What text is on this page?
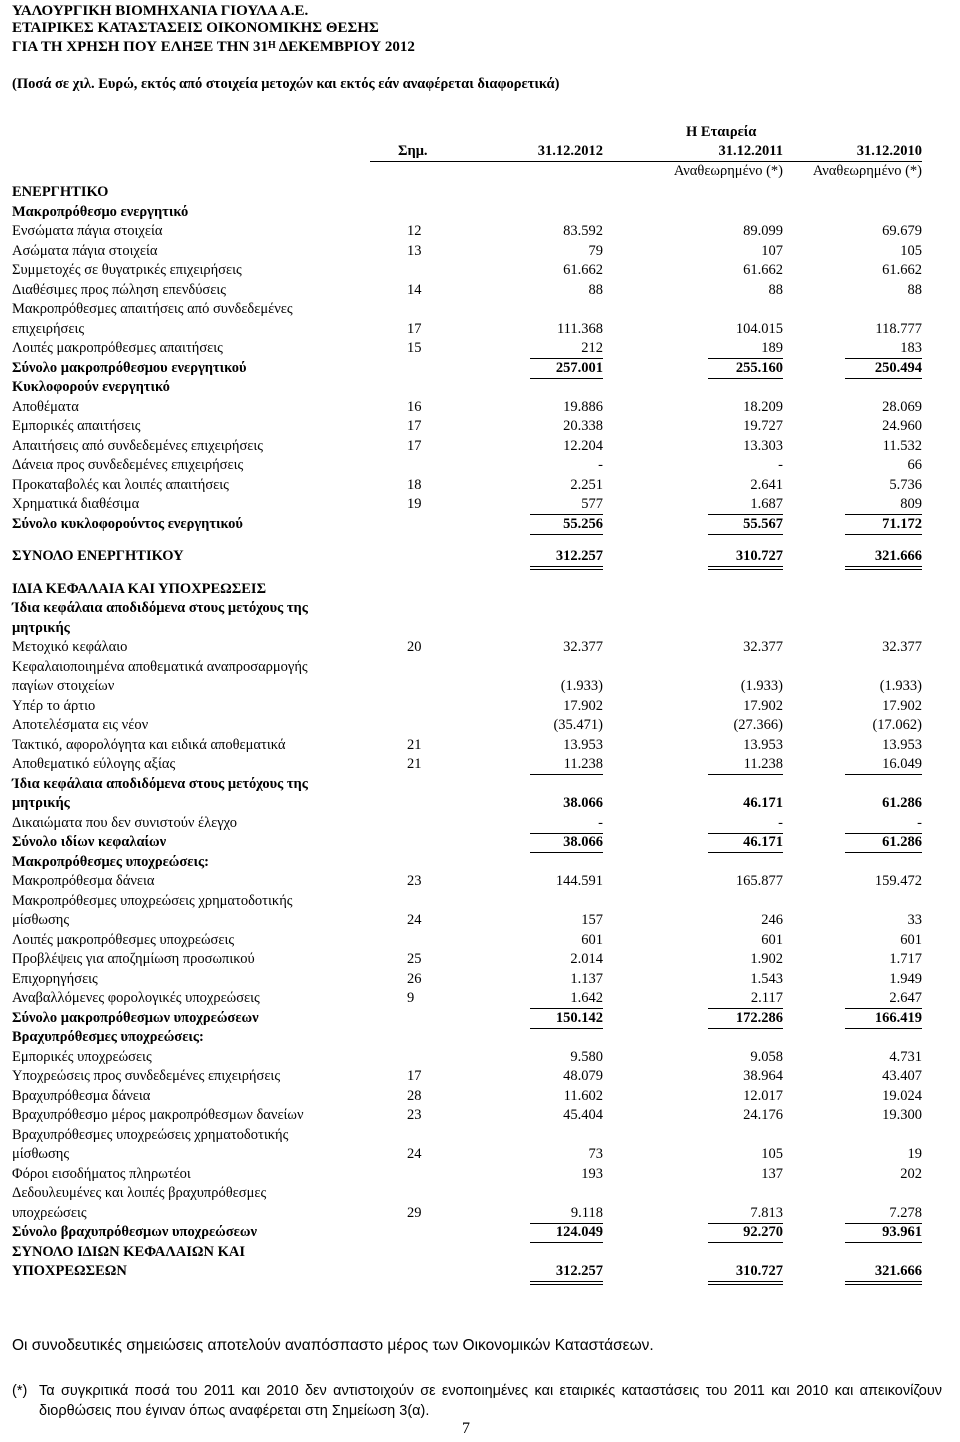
ΥΑΛΟΥΡΓΙΚΗ ΒΙΟΜΗΧΑΝΙΑ ΓΙΟΥΛΑ Α.Ε.
ΕΤΑΙΡΙΚΕΣ ΚΑΤΑΣΤΑΣΕΙΣ ΟΙΚΟΝΟΜΙΚΗΣ ΘΕΣΗΣ
ΓΙΑ ΤΗ ΧΡΗΣΗ ΠΟΥ ΕΛΗΞΕ ΤΗΝ $31^H$ ΔΕΚΕΜΒΡΙΟΥ 2012
(Ποσά σε χιλ. Ευρώ, εκτός από στοιχεία μετοχών και εκτός εάν αναφέρεται διαφορετικά)
Η Εταιρεία
Σημ.	31.12.2012	31.12.2011	31.12.2010
Αναθεωρημένο (*)	Αναθεωρημένο (*)
ΕΝΕΡΓΗΤΙΚΟ
Μακροπρόθεσμο ενεργητικό
Ενσώματα πάγια στοιχεία	12	83.592	89.099	69.679
Ασώματα πάγια στοιχεία	13	79	107	105
Συμμετοχές σε θυγατρικές επιχειρήσεις	61.662	61.662	61.662
Διαθέσιμες προς πώληση επενδύσεις	14	88	88	88
Μακροπρόθεσμες απαιτήσεις από συνδεδεμένες
επιχειρήσεις	17	111.368	104.015	118.777
Λοιπές μακροπρόθεσμες απαιτήσεις	15	212	189	183
Σύνολο μακροπρόθεσμου ενεργητικού	257.001	255.160	250.494
Κυκλοφορούν ενεργητικό
Αποθέματα	16	19.886	18.209	28.069
Εμπορικές απαιτήσεις	17	20.338	19.727	24.960
Απαιτήσεις από συνδεδεμένες επιχειρήσεις	17	12.204	13.303	11.532
Δάνεια προς συνδεδεμένες επιχειρήσεις	-	-	66
Προκαταβολές και λοιπές απαιτήσεις	18	2.251	2.641	5.736
Χρηματικά διαθέσιμα	19	577	1.687	809
Σύνολο κυκλοφορούντος ενεργητικού	55.256	55.567	71.172
ΣΥΝΟΛΟ ΕΝΕΡΓΗΤΙΚΟΥ	312.257	310.727	321.666
ΙΔΙΑ ΚΕΦΑΛΑΙΑ ΚΑΙ ΥΠΟΧΡΕΩΣΕΙΣ
Ίδια κεφάλαια αποδιδόμενα στους μετόχους της
μητρικής
Μετοχικό κεφάλαιο	20	32.377	32.377	32.377
Κεφαλαιοποιημένα αποθεματικά αναπροσαρμογής
παγίων στοιχείων	(1.933)	(1.933)	(1.933)
Υπέρ το άρτιο	17.902	17.902	17.902
Αποτελέσματα εις νέον	(35.471)	(27.366)	(17.062)
Τακτικό, αφορολόγητα και ειδικά αποθεματικά	21	13.953	13.953	13.953
Αποθεματικό εύλογης αξίας	21	11.238	11.238	16.049
Ίδια κεφάλαια αποδιδόμενα στους μετόχους της
μητρικής	38.066	46.171	61.286
Δικαιώματα που δεν συνιστούν έλεγχο	-	-	-
Σύνολο ιδίων κεφαλαίων	38.066	46.171	61.286
Μακροπρόθεσμες υποχρεώσεις:
Μακροπρόθεσμα δάνεια	23	144.591	165.877	159.472
Μακροπρόθεσμες υποχρεώσεις χρηματοδοτικής
μίσθωσης	24	157	246	33
Λοιπές μακροπρόθεσμες υποχρεώσεις	601	601	601
Προβλέψεις για αποζημίωση προσωπικού	25	2.014	1.902	1.717
Επιχορηγήσεις	26	1.137	1.543	1.949
Αναβαλλόμενες φορολογικές υποχρεώσεις	9	1.642	2.117	2.647
Σύνολο μακροπρόθεσμων υποχρεώσεων	150.142	172.286	166.419
Βραχυπρόθεσμες υποχρεώσεις:
Εμπορικές υποχρεώσεις	9.580	9.058	4.731
Υποχρεώσεις προς συνδεδεμένες επιχειρήσεις	17	48.079	38.964	43.407
Βραχυπρόθεσμα δάνεια	28	11.602	12.017	19.024
Βραχυπρόθεσμο μέρος μακροπρόθεσμων δανείων	23	45.404	24.176	19.300
Βραχυπρόθεσμες υποχρεώσεις χρηματοδοτικής
μίσθωσης	24	73	105	19
Φόροι εισοδήματος πληρωτέοι	193	137	202
Δεδουλευμένες και λοιπές βραχυπρόθεσμες
υποχρεώσεις	29	9.118	7.813	7.278
Σύνολο βραχυπρόθεσμων υποχρεώσεων	124.049	92.270	93.961
ΣΥΝΟΛΟ ΙΔΙΩΝ ΚΕΦΑΛΑΙΩΝ ΚΑΙ
ΥΠΟΧΡΕΩΣΕΩΝ	312.257	310.727	321.666
Οι συνοδευτικές σημειώσεις αποτελούν αναπόσπαστο μέρος των Οικονομικών Καταστάσεων.
(*) Τα συγκριτικά ποσά του 2011 και 2010 δεν αντιστοιχούν σε ενοποιημένες και εταιρικές καταστάσεις του 2011 και 2010 και απεικονίζουν διορθώσεις που έγιναν όπως αναφέρεται στη Σημείωση 3(α).
7
